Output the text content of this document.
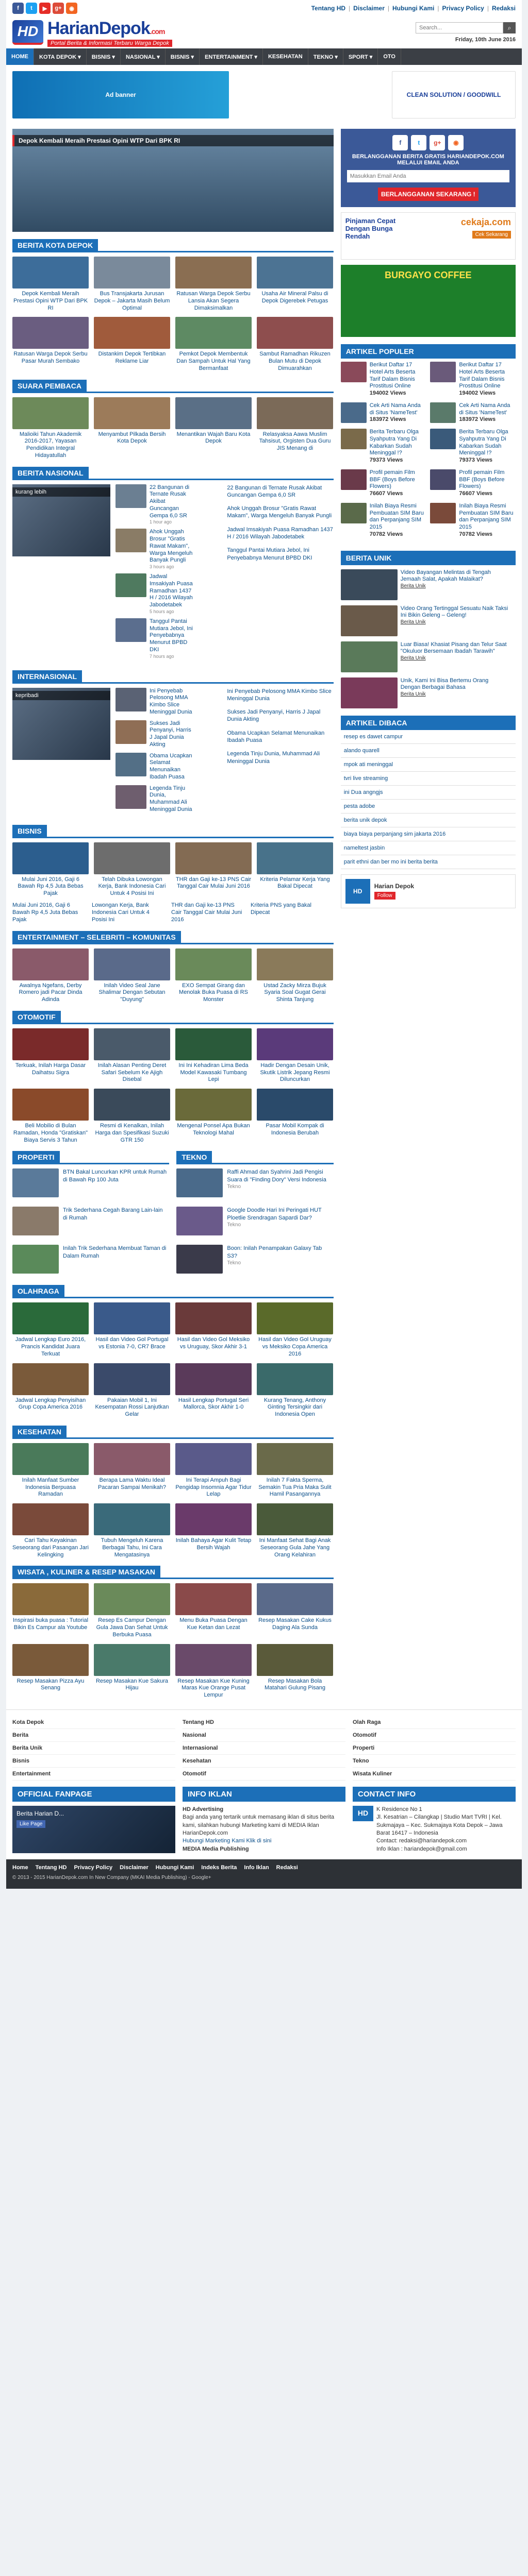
f	t	▶	g+	◉	Tentang HD | Disclaimer | Hubungi Kami | Privacy Policy | Redaksi
HD HarianDepok.com
Portal Berita & Informasi Terbaru Warga Depok
Search...
⌕
Friday, 10th June 2016
HOME	KOTA DEPOK ▾	BISNIS ▾	NASIONAL ▾	BISNIS ▾	ENTERTAINMENT ▾	KESEHATAN	TEKNO ▾	SPORT ▾	OTO
Ad banner	CLEAN SOLUTION / GOODWILL
Depok Kembali Meraih Prestasi Opini WTP Dari BPK RI
BERITA KOTA DEPOK

Depok Kembali Meraih Prestasi Opini WTP Dari BPK RI

Bus Transjakarta Jurusan Depok – Jakarta Masih Belum Optimal

Ratusan Warga Depok Serbu Lansia Akan Segera Dimaksimalkan

Usaha Air Mineral Palsu di Depok Digerebek Petugas

Ratusan Warga Depok Serbu Pasar Murah Sembako

Distankim Depok Tertibkan Reklame Liar

Pemkot Depok Membentuk Dan Sampah Untuk Hal Yang Bermanfaat

Sambut Ramadhan Rikuzen Bulan Mutu di Depok Dimuarahkan

SUARA PEMBACA

Malioiki Tahun Akademik 2016-2017, Yayasan Pendidikan Integral Hidayatullah

Menyambut Pilkada Bersih Kota Depok

Menantikan Wajah Baru Kota Depok

Relasyaksa Aawa Muslim Tahsisut, Orgisten Dua Guru JIS Menang di

BERITA NASIONAL
kurang lebih
22 Bangunan di Ternate Rusak Akibat Guncangan Gempa 6,0 SR
1 hour ago
Ahok Unggah Brosur "Gratis Rawat Makam", Warga Mengeluh Banyak Pungli
3 hours ago
Jadwal Imsakiyah Puasa Ramadhan 1437 H / 2016 Wilayah Jabodetabek
5 hours ago
Tanggul Pantai Mutiara Jebol, Ini Penyebabnya Menurut BPBD DKI
7 hours ago
22 Bangunan di Ternate Rusak Akibat Guncangan Gempa 6,0 SR
Ahok Unggah Brosur "Gratis Rawat Makam", Warga Mengeluh Banyak Pungli
Jadwal Imsakiyah Puasa Ramadhan 1437 H / 2016 Wilayah Jabodetabek
Tanggul Pantai Mutiara Jebol, Ini Penyebabnya Menurut BPBD DKI
INTERNASIONAL
kepribadi
Ini Penyebab Pelosong MMA Kimbo Slice Meninggal Dunia
Sukses Jadi Penyanyi, Harris J Japal Dunia Akting
Obama Ucapkan Selamat Menunaikan Ibadah Puasa
Legenda Tinju Dunia, Muhammad Ali Meninggal Dunia
Ini Penyebab Pelosong MMA Kimbo Slice Meninggal Dunia
Sukses Jadi Penyanyi, Harris J Japal Dunia Akting
Obama Ucapkan Selamat Menunaikan Ibadah Puasa
Legenda Tinju Dunia, Muhammad Ali Meninggal Dunia
BISNIS

Mulai Juni 2016, Gaji 6 Bawah Rp 4,5 Juta Bebas Pajak

Telah Dibuka Lowongan Kerja, Bank Indonesia Cari Untuk 4 Posisi Ini

THR dan Gaji ke-13 PNS Cair Tanggal Cair Mulai Juni 2016

Kriteria Pelamar Kerja Yang Bakal Dipecat

Mulai Juni 2016, Gaji 6 Bawah Rp 4,5 Juta Bebas Pajak
Lowongan Kerja, Bank Indonesia Cari Untuk 4 Posisi Ini
THR dan Gaji ke-13 PNS Cair Tanggal Cair Mulai Juni 2016
Kriteria PNS yang Bakal Dipecat
ENTERTAINMENT – SELEBRITI – KOMUNITAS

Awalnya Ngefans, Derby Romero jadi Pacar Dinda Adinda

Inilah Video Seal Jane Shalimar Dengan Sebutan "Duyung"

EXO Sempat Girang dan Menolak Buka Puasa di RS Monster

Ustad Zacky Mirza Bujuk Syaria Soal Gugat Gerai Shinta Tanjung

OTOMOTIF

Terkuak, Inilah Harga Dasar Daihatsu Sigra

Inilah Alasan Penting Deret Safari Sebelum Ke Ajigh Disebal

Ini Ini Kehadiran Lima Beda Model Kawasaki Tumbang Lepi

Hadir Dengan Desain Unik, Skutik Listrik Jepang Resmi Diluncurkan

Beli Mobilio di Bulan Ramadan, Honda "Gratiskan" Biaya Servis 3 Tahun

Resmi di Kenalkan, Inilah Harga dan Spesifikasi Suzuki GTR 150

Mengenal Ponsel Apa Bukan Teknologi Mahal

Pasar Mobil Kompak di Indonesia Berubah

PROPERTI

BTN Bakal Luncurkan KPR untuk Rumah di Bawah Rp 100 Juta

Trik Sederhana Cegah Barang Lain-lain di Rumah

Inilah Trik Sederhana Membuat Taman di Dalam Rumah

TEKNO

Raffi Ahmad dan Syahrini Jadi Pengisi Suara di "Finding Dory" Versi Indonesia
Tekno

Google Doodle Hari Ini Peringati HUT Ploetlie Srendragan Sapardi Dar?
Tekno

Boon: Inilah Penampakan Galaxy Tab S3?
Tekno

OLAHRAGA

Jadwal Lengkap Euro 2016, Prancis Kandidat Juara Terkuat

Hasil dan Video Gol Portugal vs Estonia 7-0, CR7 Brace

Hasil dan Video Gol Meksiko vs Uruguay, Skor Akhir 3-1

Hasil dan Video Gol Uruguay vs Meksiko Copa America 2016

Jadwal Lengkap Penyisihan Grup Copa America 2016

Pakaian Mobil 1, Ini Kesempatan Rossi Lanjutkan Gelar

Hasil Lengkap Portugal Seri Mallorca, Skor Akhir 1-0

Kurang Tenang, Anthony Ginting Tersingkir dari Indonesia Open

KESEHATAN

Inilah Manfaat Sumber Indonesia Berpuasa Ramadan

Berapa Lama Waktu Ideal Pacaran Sampai Menikah?

Ini Terapi Ampuh Bagi Pengidap Insomnia Agar Tidur Lelap

Inilah 7 Fakta Sperma, Semakin Tua Pria Maka Sulit Hamil Pasangannya

Cari Tahu Keyakinan Seseorang dari Pasangan Jari Kelingking

Tubuh Mengeluh Karena Berbagai Tahu, Ini Cara Mengatasinya

Inilah Bahaya Agar Kulit Tetap Bersih Wajah

Ini Manfaat Sehat Bagi Anak Seseorang Gula Jahe Yang Orang Kelahiran

WISATA , KULINER & RESEP MASAKAN

Inspirasi buka puasa : Tutorial Bikin Es Campur ala Youtube

Resep Es Campur Dengan Gula Jawa Dan Sehat Untuk Berbuka Puasa

Menu Buka Puasa Dengan Kue Ketan dan Lezat

Resep Masakan Cake Kukus Daging Ala Sunda

Resep Masakan Pizza Ayu Senang

Resep Masakan Kue Sakura Hijau

Resep Masakan Kue Kuning Maras Kue Orange Pusat Lempur

Resep Masakan Bola Matahari Gulung Pisang

f	t	g+	◉

BERLANGGANAN BERITA GRATIS HARIANDEPOK.COM MELALUI EMAIL ANDA

Masukkan Email Anda BERLANGGANAN SEKARANG !
Pinjaman Cepat Dengan Bunga Rendah
cekaja.com
Cek Sekarang
BURGAYO COFFEE
ARTIKEL POPULER

Berikut Daftar 17 Hotel Arts Beserta Tarif Dalam Bisnis Prostitusi Online
194002 Views

Cek Arti Nama Anda di Situs 'NameTest'
183972 Views

Berita Terbaru Olga Syahputra Yang Di Kabarkan Sudah Meninggal !?
79373 Views

Profil pemain Film BBF (Boys Before Flowers)
76607 Views

Inilah Biaya Resmi Pembuatan SIM Baru dan Perpanjang SIM 2015
70782 Views

Berikut Daftar 17 Hotel Arts Beserta Tarif Dalam Bisnis Prostitusi Online
194002 Views

Cek Arti Nama Anda di Situs 'NameTest'
183972 Views

Berita Terbaru Olga Syahputra Yang Di Kabarkan Sudah Meninggal !?
79373 Views

Profil pemain Film BBF (Boys Before Flowers)
76607 Views

Inilah Biaya Resmi Pembuatan SIM Baru dan Perpanjang SIM 2015
70782 Views

BERITA UNIK
Video Bayangan Melintas di Tengah Jemaah Salat, Apakah Malaikat?
Berita Unik
Video Orang Tertinggal Sesuatu Naik Taksi Ini Bikin Geleng – Geleng!
Berita Unik
Luar Biasa! Khasiat Pisang dan Telur Saat "Okuluor Bersemaan Ibadah Tarawih"
Berita Unik
Unik, Kami Ini Bisa Bertemu Orang Dengan Berbagai Bahasa
Berita Unik
ARTIKEL DIBACA
resep es dawet campur
alando quarell
mpok ati meninggal
tvri live streaming
ini Dua angngjs
pesta adobe
berita unik depok
biaya biaya perpanjang sim jakarta 2016
nameltest jasbin
parit ethni dan ber mo ini berita berita
HD

Harian Depok

Follow
Kota Depok
Berita
Berita Unik
Bisnis
Entertainment
Tentang HD
Nasional
Internasional
Kesehatan
Otomotif
Olah Raga
Otomotif
Properti
Tekno
Wisata Kuliner
OFFICIAL FANPAGE
Berita Harian D...
Like Page
INFO IKLAN
HD Advertising
Bagi anda yang tertarik untuk memasang iklan di situs berita kami, silahkan hubungi Marketing kami di MEDIA Iklan HarianDepok.com
Hubungi Marketing Kami Klik di sini
MEDIA Media Publishing
CONTACT INFO
HD	K Residence No 1
Jl. Kesatrian – Cilangkap | Studio Mart TVRI | Kel. Sukmajaya – Kec. Sukmajaya Kota Depok – Jawa Barat 16417 – Indonesia
Contact: redaksi@hariandepok.com
Info Iklan : hariandepok@gmail.com
Home Tentang HD Privacy Policy Disclaimer Hubungi Kami Indeks Berita Info Iklan Redaksi
© 2013 - 2015 HarianDepok.com In New Company (MKAI Media Publishing) - Google+
